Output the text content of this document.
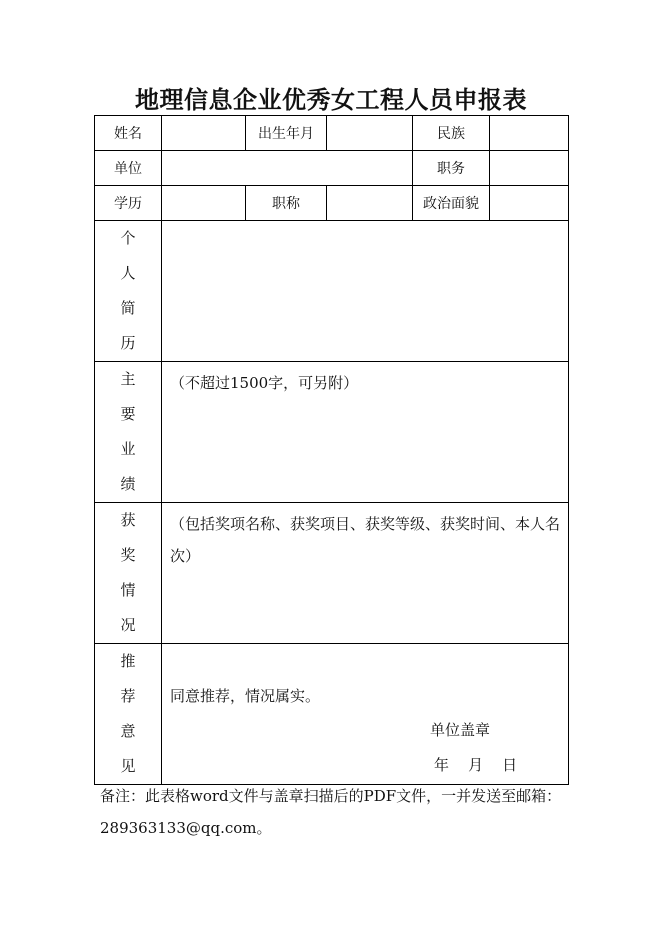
地理信息企业优秀女工程人员申报表
姓名		出生年月		民族	
单位				职务	
学历		职称		政治面貌	

个
人
简
历					

主
要
业
绩	（不超过1500字，可另附）				

获
奖
情
况	（包括奖项名称、获奖项目、获奖等级、获奖时间、本人名次）				

推
荐
意
见	同意推荐，情况属实。
单位盖章
年    月    日				
备注：此表格word文件与盖章扫描后的PDF文件，一并发送至邮箱：289363133@qq.com。
